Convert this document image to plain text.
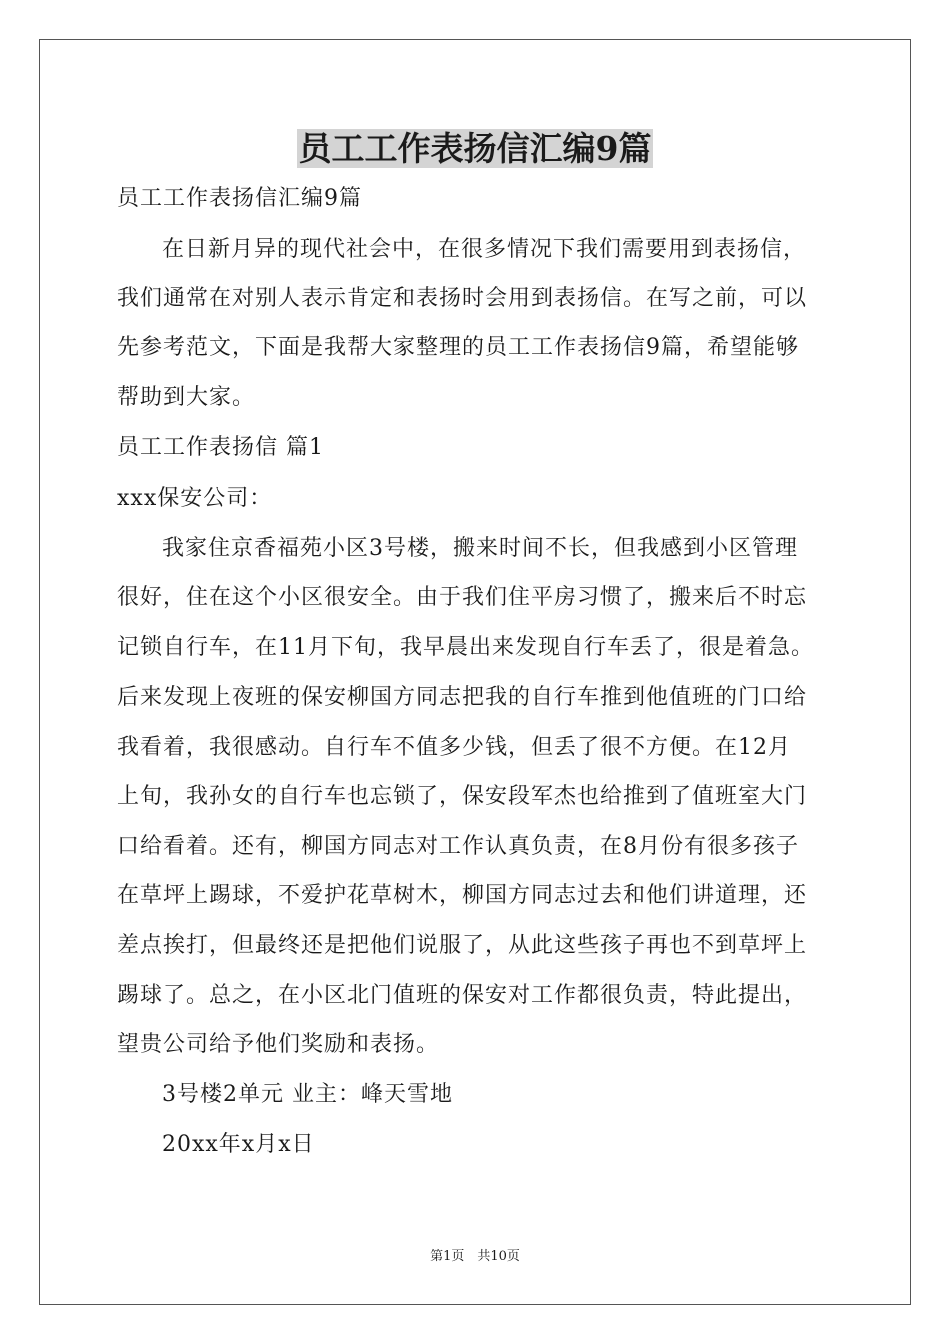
员工工作表扬信汇编9篇
员工工作表扬信汇编9篇
在日新月异的现代社会中，在很多情况下我们需要用到表扬信，
我们通常在对别人表示肯定和表扬时会用到表扬信。在写之前，可以
先参考范文，下面是我帮大家整理的员工工作表扬信9篇，希望能够
帮助到大家。
员工工作表扬信 篇1
xxx保安公司：
我家住京香福苑小区3号楼，搬来时间不长，但我感到小区管理
很好，住在这个小区很安全。由于我们住平房习惯了，搬来后不时忘
记锁自行车，在11月下旬，我早晨出来发现自行车丢了，很是着急。
后来发现上夜班的保安柳国方同志把我的自行车推到他值班的门口给
我看着，我很感动。自行车不值多少钱，但丢了很不方便。在12月
上旬，我孙女的自行车也忘锁了，保安段军杰也给推到了值班室大门
口给看着。还有，柳国方同志对工作认真负责，在8月份有很多孩子
在草坪上踢球，不爱护花草树木，柳国方同志过去和他们讲道理，还
差点挨打，但最终还是把他们说服了，从此这些孩子再也不到草坪上
踢球了。总之，在小区北门值班的保安对工作都很负责，特此提出，
望贵公司给予他们奖励和表扬。
3号楼2单元 业主：峰天雪地
20xx年x月x日
第1页　共10页
